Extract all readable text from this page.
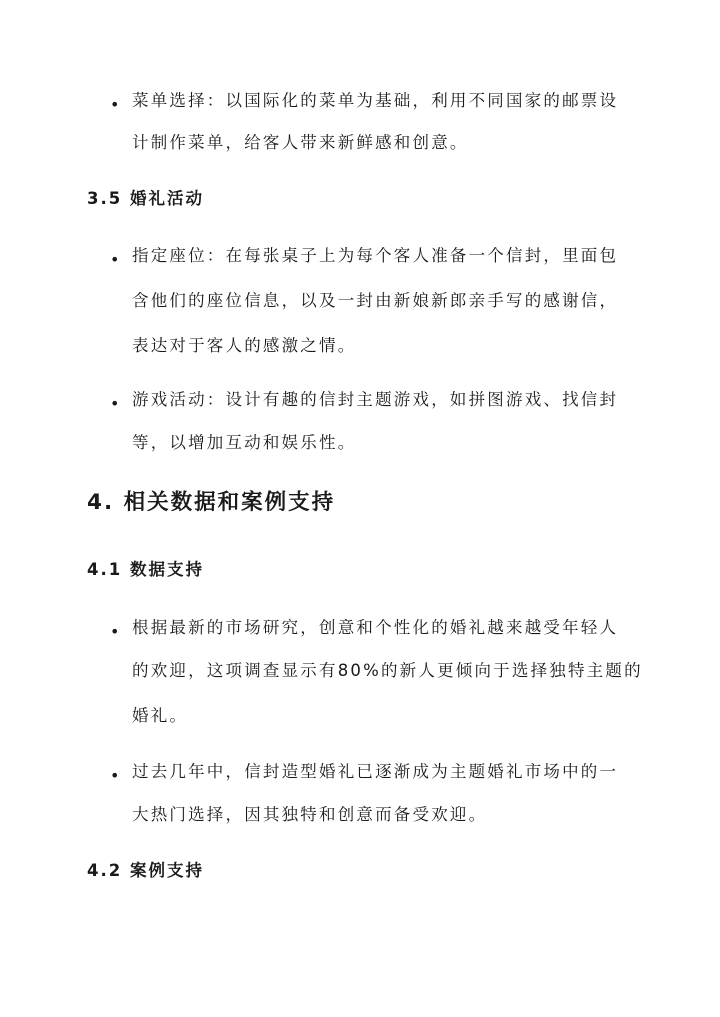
• 菜单选择：以国际化的菜单为基础，利用不同国家的邮票设
计制作菜单，给客人带来新鲜感和创意。
3.5 婚礼活动
• 指定座位：在每张桌子上为每个客人准备一个信封，里面包
含他们的座位信息，以及一封由新娘新郎亲手写的感谢信，
表达对于客人的感激之情。
• 游戏活动：设计有趣的信封主题游戏，如拼图游戏、找信封
等，以增加互动和娱乐性。
4. 相关数据和案例支持
4.1 数据支持
• 根据最新的市场研究，创意和个性化的婚礼越来越受年轻人
的欢迎，这项调查显示有80%的新人更倾向于选择独特主题的
婚礼。
• 过去几年中，信封造型婚礼已逐渐成为主题婚礼市场中的一
大热门选择，因其独特和创意而备受欢迎。
4.2 案例支持
